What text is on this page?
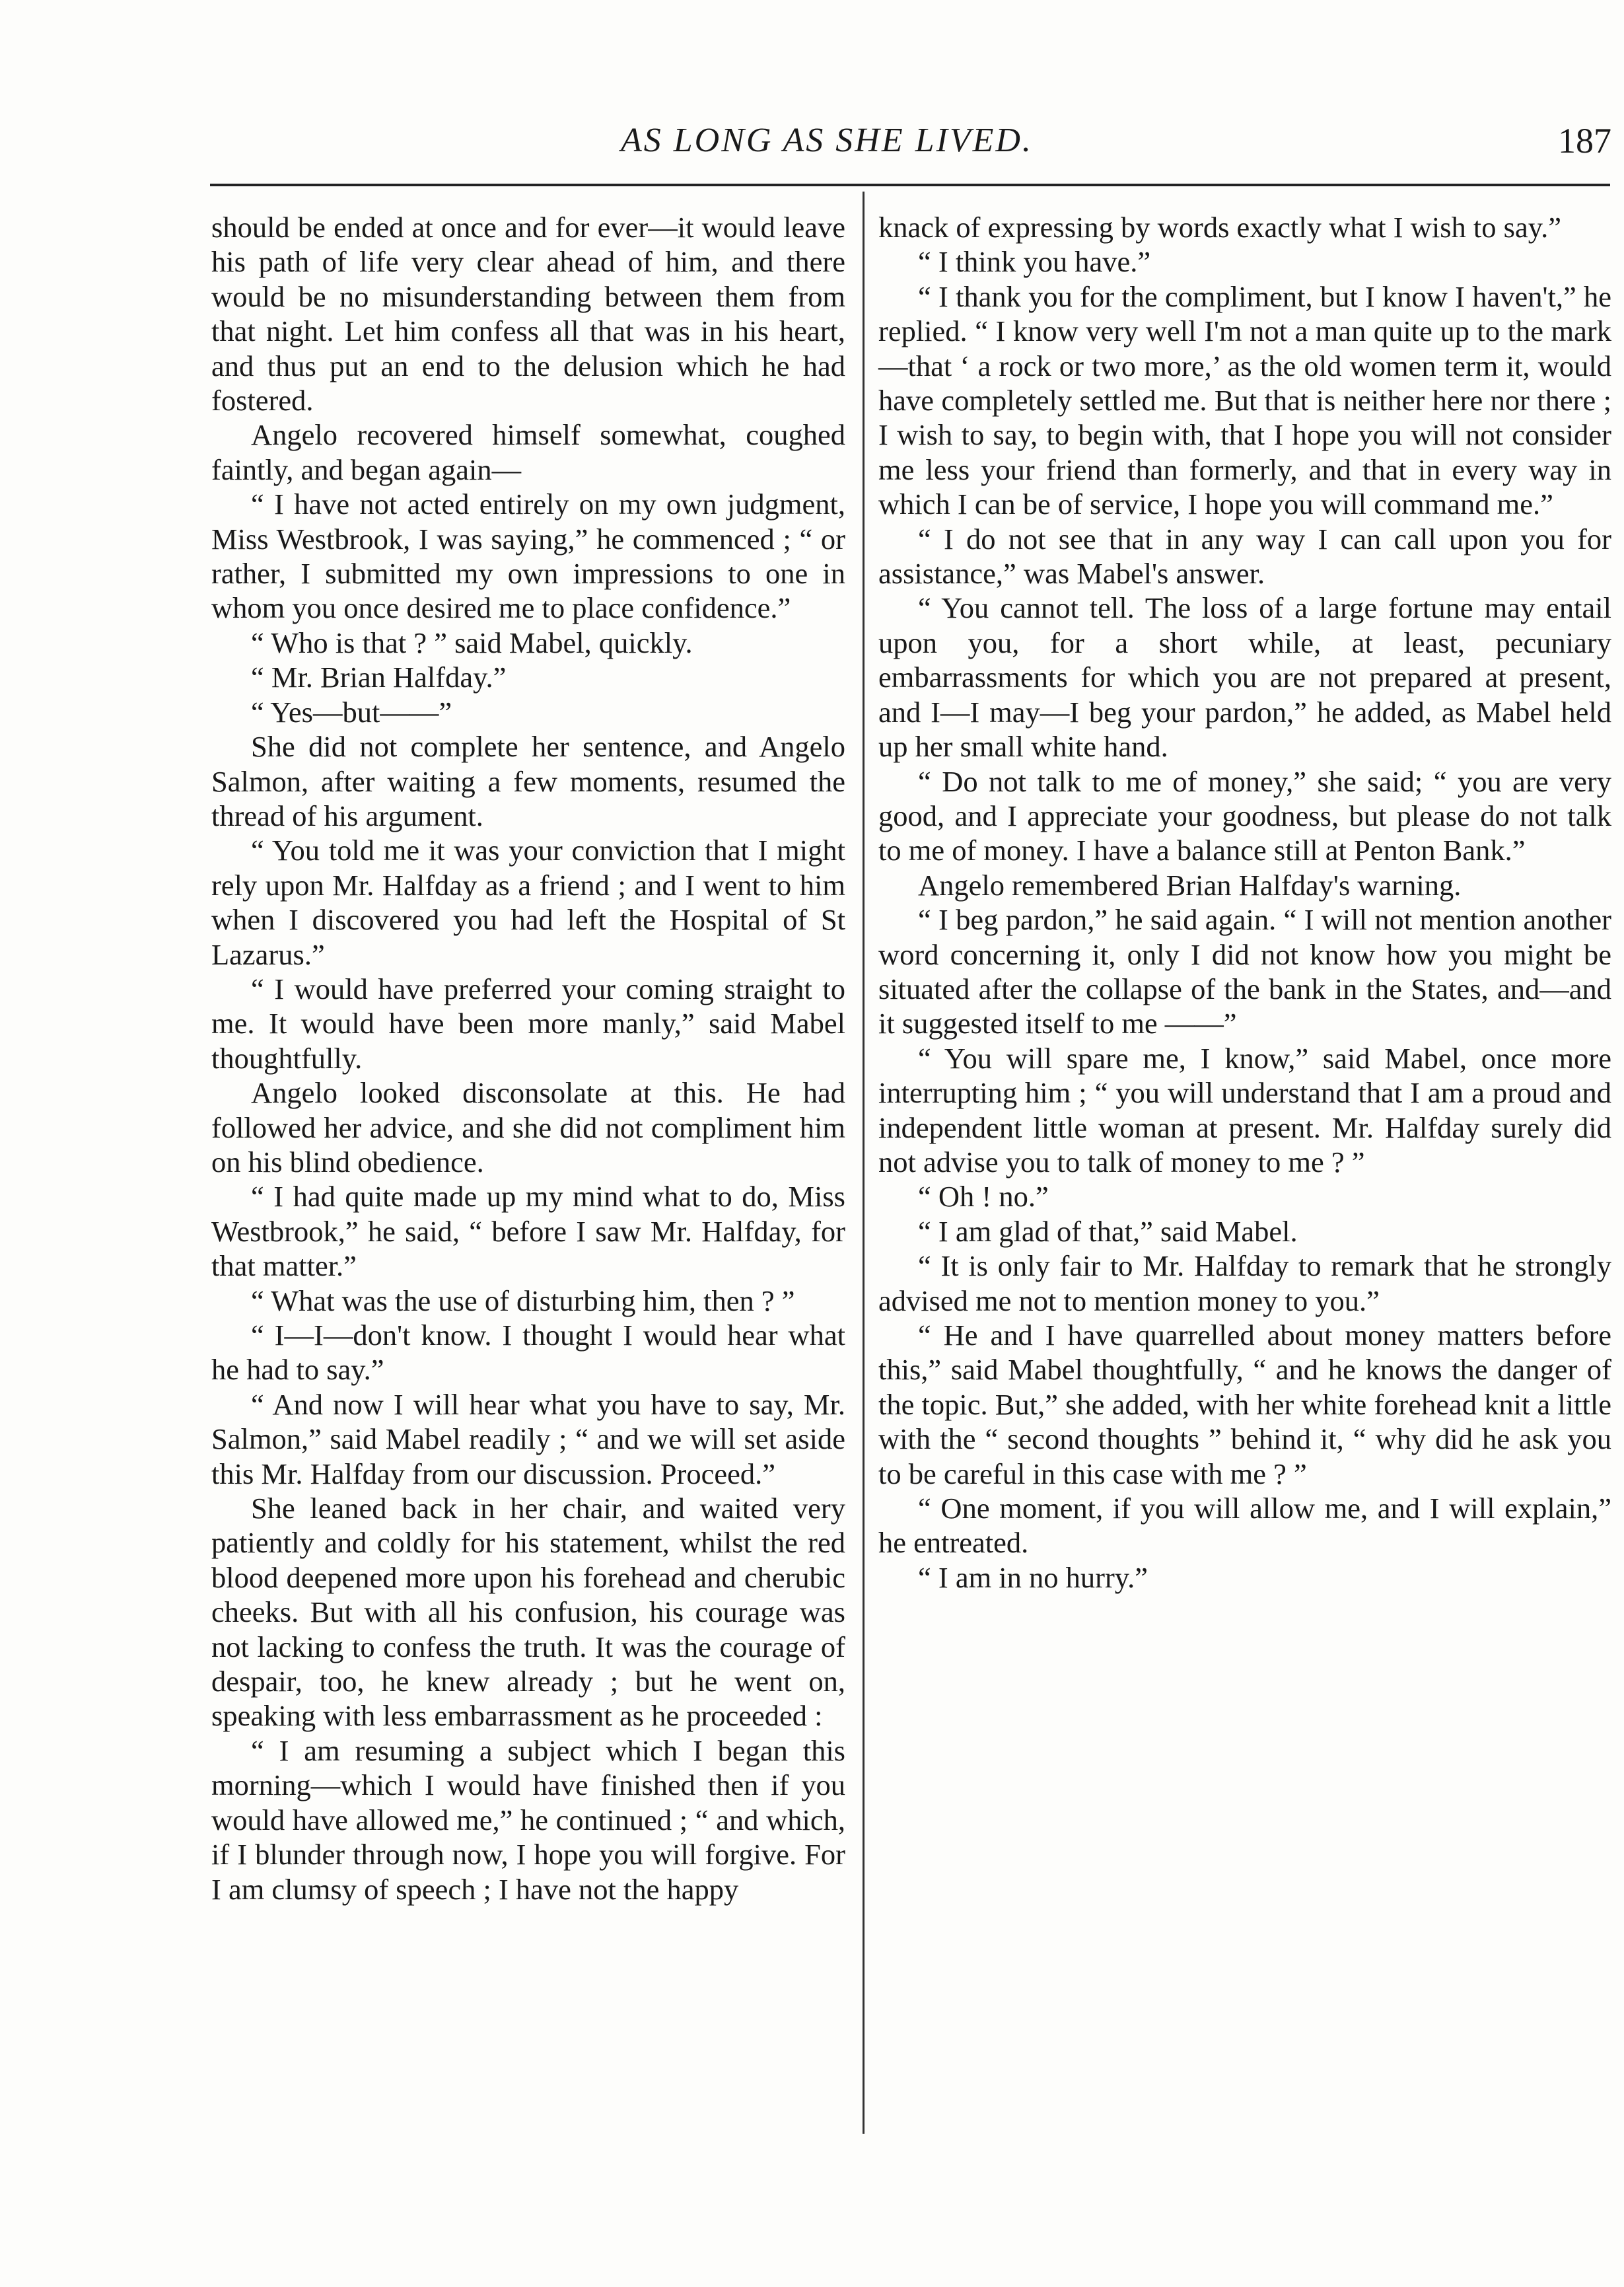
AS LONG AS SHE LIVED.	187

should be ended at once and for ever—it would leave his path of life very clear ahead of him, and there would be no misunderstanding between them from that night. Let him confess all that was in his heart, and thus put an end to the delusion which he had fostered.

Angelo recovered himself somewhat, coughed faintly, and began again—

“ I have not acted entirely on my own judgment, Miss Westbrook, I was saying,” he commenced ; “ or rather, I submitted my own impressions to one in whom you once desired me to place confidence.”

“ Who is that ? ” said Mabel, quickly.

“ Mr. Brian Halfday.”

“ Yes—but——”

She did not complete her sentence, and Angelo Salmon, after waiting a few moments, resumed the thread of his argument.

“ You told me it was your conviction that I might rely upon Mr. Halfday as a friend ; and I went to him when I discovered you had left the Hospital of St Lazarus.”

“ I would have preferred your coming straight to me. It would have been more manly,” said Mabel thoughtfully.

Angelo looked disconsolate at this. He had followed her advice, and she did not compliment him on his blind obedience.

“ I had quite made up my mind what to do, Miss Westbrook,” he said, “ before I saw Mr. Halfday, for that matter.”

“ What was the use of disturbing him, then ? ”

“ I—I—don't know. I thought I would hear what he had to say.”

“ And now I will hear what you have to say, Mr. Salmon,” said Mabel readily ; “ and we will set aside this Mr. Halfday from our discussion. Proceed.”

She leaned back in her chair, and waited very patiently and coldly for his statement, whilst the red blood deepened more upon his forehead and cherubic cheeks. But with all his confusion, his courage was not lacking to confess the truth. It was the courage of despair, too, he knew already ; but he went on, speaking with less embarrassment as he proceeded :

“ I am resuming a subject which I began this morning—which I would have finished then if you would have allowed me,” he continued ; “ and which, if I blunder through now, I hope you will forgive. For I am clumsy of speech ; I have not the happy

knack of expressing by words exactly what I wish to say.”

“ I think you have.”

“ I thank you for the compliment, but I know I haven't,” he replied. “ I know very well I'm not a man quite up to the mark—that ‘ a rock or two more,’ as the old women term it, would have completely settled me. But that is neither here nor there ; I wish to say, to begin with, that I hope you will not consider me less your friend than formerly, and that in every way in which I can be of service, I hope you will command me.”

“ I do not see that in any way I can call upon you for assistance,” was Mabel's answer.

“ You cannot tell. The loss of a large fortune may entail upon you, for a short while, at least, pecuniary embarrassments for which you are not prepared at present, and I—I may—I beg your pardon,” he added, as Mabel held up her small white hand.

“ Do not talk to me of money,” she said; “ you are very good, and I appreciate your goodness, but please do not talk to me of money. I have a balance still at Penton Bank.”

Angelo remembered Brian Halfday's warning.

“ I beg pardon,” he said again. “ I will not mention another word concerning it, only I did not know how you might be situated after the collapse of the bank in the States, and—and it suggested itself to me ——”

“ You will spare me, I know,” said Mabel, once more interrupting him ; “ you will understand that I am a proud and independent little woman at present. Mr. Halfday surely did not advise you to talk of money to me ? ”

“ Oh ! no.”

“ I am glad of that,” said Mabel.

“ It is only fair to Mr. Halfday to remark that he strongly advised me not to mention money to you.”

“ He and I have quarrelled about money matters before this,” said Mabel thoughtfully, “ and he knows the danger of the topic. But,” she added, with her white forehead knit a little with the “ second thoughts ” behind it, “ why did he ask you to be careful in this case with me ? ”

“ One moment, if you will allow me, and I will explain,” he entreated.

“ I am in no hurry.”
